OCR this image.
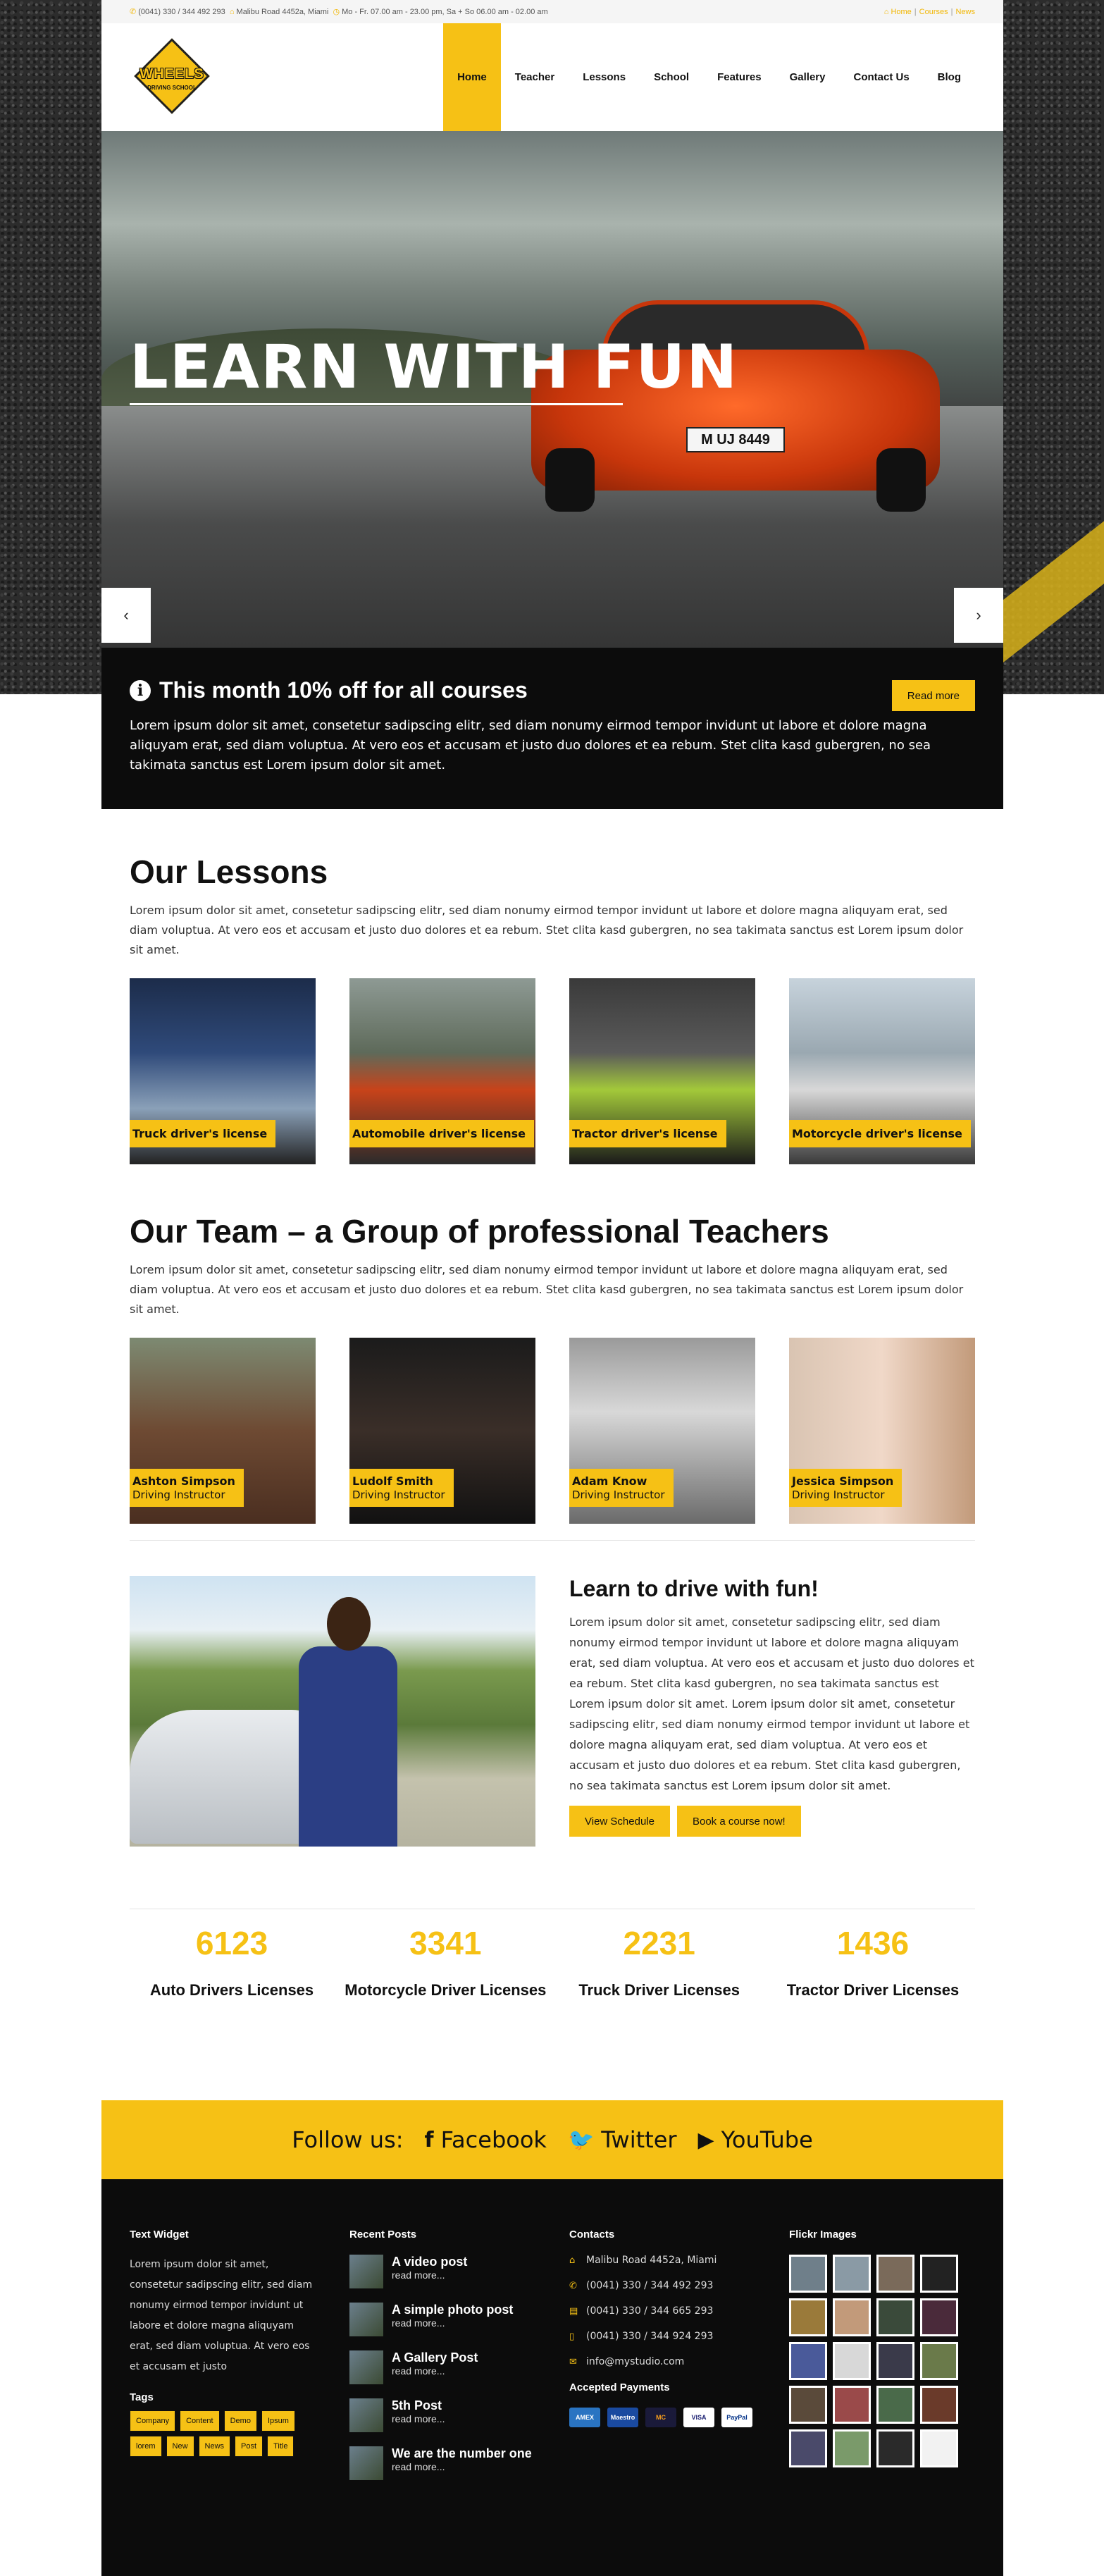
✆ (0041) 330 / 344 492 293  ⌂ Malibu Road 4452a, Miami  ◷ Mo - Fr. 07.00 am - 23.00 pm, Sa + So 06.00 am - 02.00 am	⌂ Home | Courses | News
WHEELS
DRIVING SCHOOL
Home	Teacher	Lessons	School	Features	Gallery	Contact Us	Blog
M UJ 8449
LEARN WITH FUN
‹	›
i This month 10% off for all courses

Lorem ipsum dolor sit amet, consetetur sadipscing elitr, sed diam nonumy eirmod tempor invidunt ut labore et dolore magna aliquyam erat, sed diam voluptua. At vero eos et accusam et justo duo dolores et ea rebum. Stet clita kasd gubergren, no sea takimata sanctus est Lorem ipsum dolor sit amet.

Read more
Our Lessons
Lorem ipsum dolor sit amet, consetetur sadipscing elitr, sed diam nonumy eirmod tempor invidunt ut labore et dolore magna aliquyam erat, sed diam voluptua. At vero eos et accusam et justo duo dolores et ea rebum. Stet clita kasd gubergren, no sea takimata sanctus est Lorem ipsum dolor sit amet.
Truck driver's license	Automobile driver's license	Tractor driver's license	Motorcycle driver's license
Our Team – a Group of professional Teachers
Lorem ipsum dolor sit amet, consetetur sadipscing elitr, sed diam nonumy eirmod tempor invidunt ut labore et dolore magna aliquyam erat, sed diam voluptua. At vero eos et accusam et justo duo dolores et ea rebum. Stet clita kasd gubergren, no sea takimata sanctus est Lorem ipsum dolor sit amet.
Ashton Simpson
Driving Instructor
Ludolf Smith
Driving Instructor
Adam Know
Driving Instructor
Jessica Simpson
Driving Instructor
Learn to drive with fun!

Lorem ipsum dolor sit amet, consetetur sadipscing elitr, sed diam nonumy eirmod tempor invidunt ut labore et dolore magna aliquyam erat, sed diam voluptua. At vero eos et accusam et justo duo dolores et ea rebum. Stet clita kasd gubergren, no sea takimata sanctus est Lorem ipsum dolor sit amet. Lorem ipsum dolor sit amet, consetetur sadipscing elitr, sed diam nonumy eirmod tempor invidunt ut labore et dolore magna aliquyam erat, sed diam voluptua. At vero eos et accusam et justo duo dolores et ea rebum. Stet clita kasd gubergren, no sea takimata sanctus est Lorem ipsum dolor sit amet.

View Schedule	Book a course now!
6123
Auto Drivers Licenses
3341
Motorcycle Driver Licenses
2231
Truck Driver Licenses
1436
Tractor Driver Licenses
Follow us: f Facebook 🐦 Twitter ▶ YouTube
Text Widget

Lorem ipsum dolor sit amet, consetetur sadipscing elitr, sed diam nonumy eirmod tempor invidunt ut labore et dolore magna aliquyam erat, sed diam voluptua. At vero eos et accusam et justo

Tags
Company	Content	Demo	Ipsum
lorem	New	News	Post	Title
Recent Posts
A video post
read more...
A simple photo post
read more...
A Gallery Post
read more...
5th Post
read more...
We are the number one
read more...
Contacts
⌂	Malibu Road 4452a, Miami
✆ (0041) 330 / 344 492 293
▤ (0041) 330 / 344 665 293
▯	(0041) 330 / 344 924 293
✉ info@mystudio.com
Accepted Payments
AMEX	Maestro	MC	VISA	PayPal
Flickr Images
